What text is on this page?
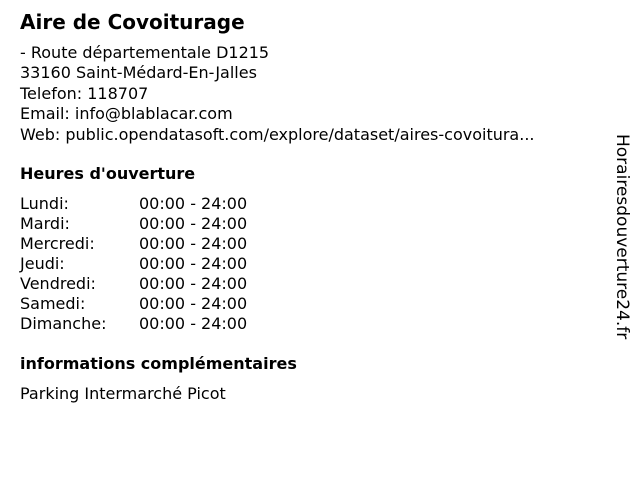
Aire de Covoiturage
- Route départementale D1215
33160 Saint-Médard-En-Jalles
Telefon: 118707
Email: info@blablacar.com
Web: public.opendatasoft.com/explore/dataset/aires-covoitura...
Heures d'ouverture
Lundi:	00:00 - 24:00
Mardi:	00:00 - 24:00
Mercredi:	00:00 - 24:00
Jeudi:	00:00 - 24:00
Vendredi:	00:00 - 24:00
Samedi:	00:00 - 24:00
Dimanche:	00:00 - 24:00
informations complémentaires
Parking Intermarché Picot
Horairesdouverture24.fr
